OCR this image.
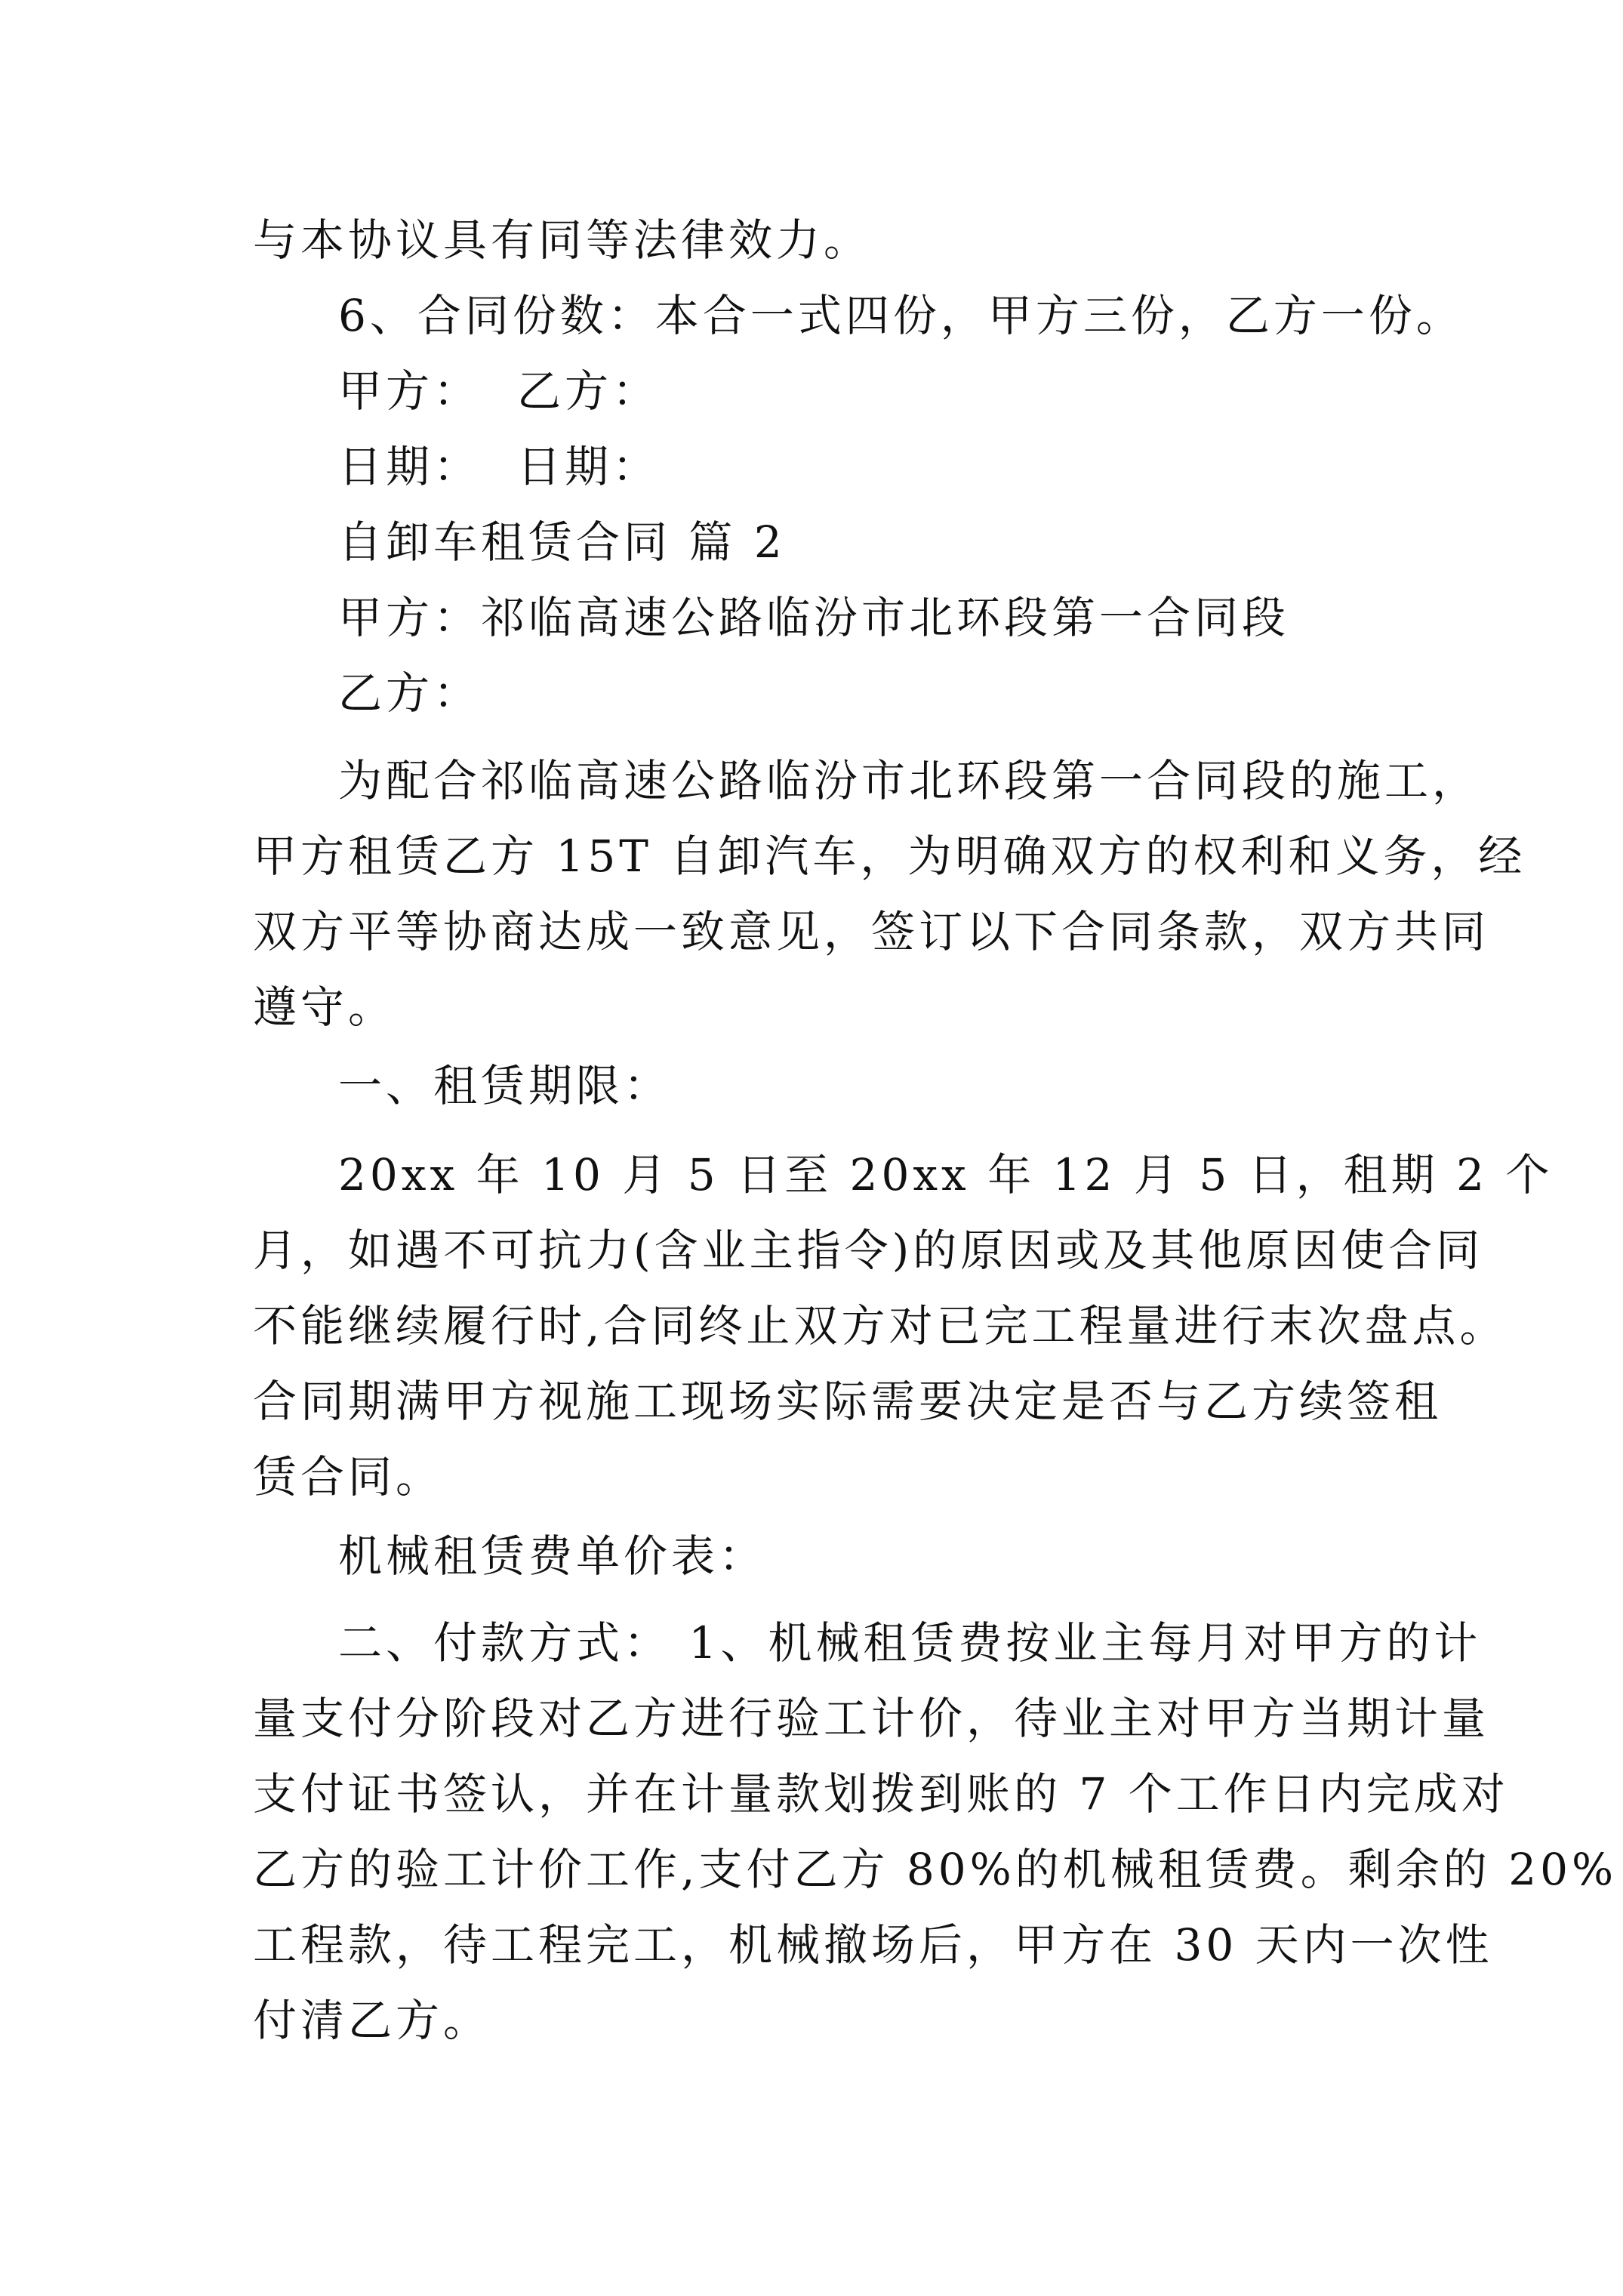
与本协议具有同等法律效力。
6、合同份数：本合一式四份，甲方三份，乙方一份。
甲方： 乙方：
日期： 日期：
自卸车租赁合同 篇 2
甲方：祁临高速公路临汾市北环段第一合同段
乙方：
为配合祁临高速公路临汾市北环段第一合同段的施工，
甲方租赁乙方 15T 自卸汽车，为明确双方的权利和义务，经
双方平等协商达成一致意见，签订以下合同条款，双方共同
遵守。
一、租赁期限：
20xx 年 10 月 5 日至 20xx 年 12 月 5 日，租期 2 个
月，如遇不可抗力(含业主指令)的原因或及其他原因使合同
不能继续履行时,合同终止双方对已完工程量进行末次盘点。
合同期满甲方视施工现场实际需要决定是否与乙方续签租
赁合同。
机械租赁费单价表：
二、付款方式： 1、机械租赁费按业主每月对甲方的计
量支付分阶段对乙方进行验工计价，待业主对甲方当期计量
支付证书签认，并在计量款划拨到账的 7 个工作日内完成对
乙方的验工计价工作,支付乙方 80%的机械租赁费。剩余的 20%
工程款，待工程完工，机械撤场后，甲方在 30 天内一次性
付清乙方。
